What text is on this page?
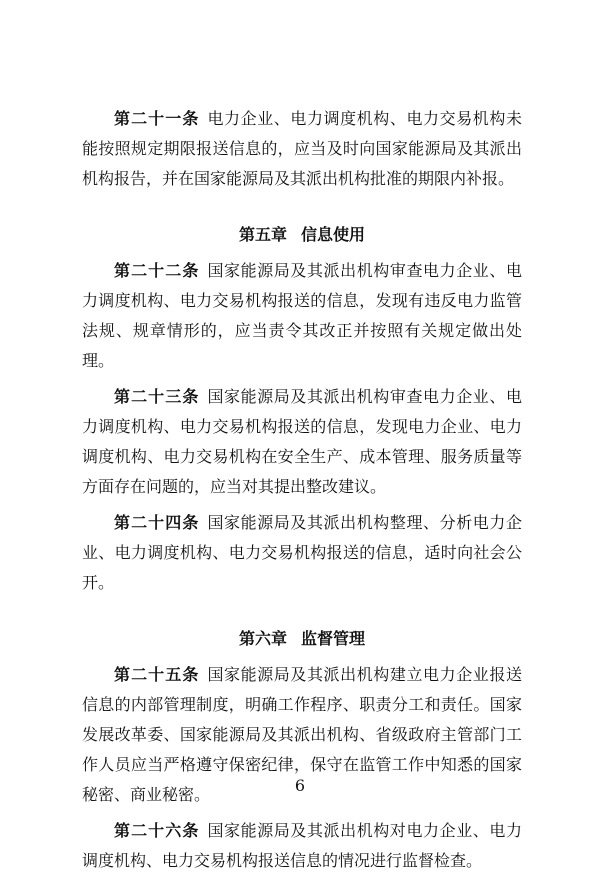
第二十一条 电力企业、电力调度机构、电力交易机构未能按照规定期限报送信息的，应当及时向国家能源局及其派出机构报告，并在国家能源局及其派出机构批准的期限内补报。

第五章 信息使用

第二十二条 国家能源局及其派出机构审查电力企业、电力调度机构、电力交易机构报送的信息，发现有违反电力监管法规、规章情形的，应当责令其改正并按照有关规定做出处理。

第二十三条 国家能源局及其派出机构审查电力企业、电力调度机构、电力交易机构报送的信息，发现电力企业、电力调度机构、电力交易机构在安全生产、成本管理、服务质量等方面存在问题的，应当对其提出整改建议。

第二十四条 国家能源局及其派出机构整理、分析电力企业、电力调度机构、电力交易机构报送的信息，适时向社会公开。

第六章 监督管理

第二十五条 国家能源局及其派出机构建立电力企业报送信息的内部管理制度，明确工作程序、职责分工和责任。国家发展改革委、国家能源局及其派出机构、省级政府主管部门工作人员应当严格遵守保密纪律，保守在监管工作中知悉的国家秘密、商业秘密。

第二十六条 国家能源局及其派出机构对电力企业、电力调度机构、电力交易机构报送信息的情况进行监督检查。

6
